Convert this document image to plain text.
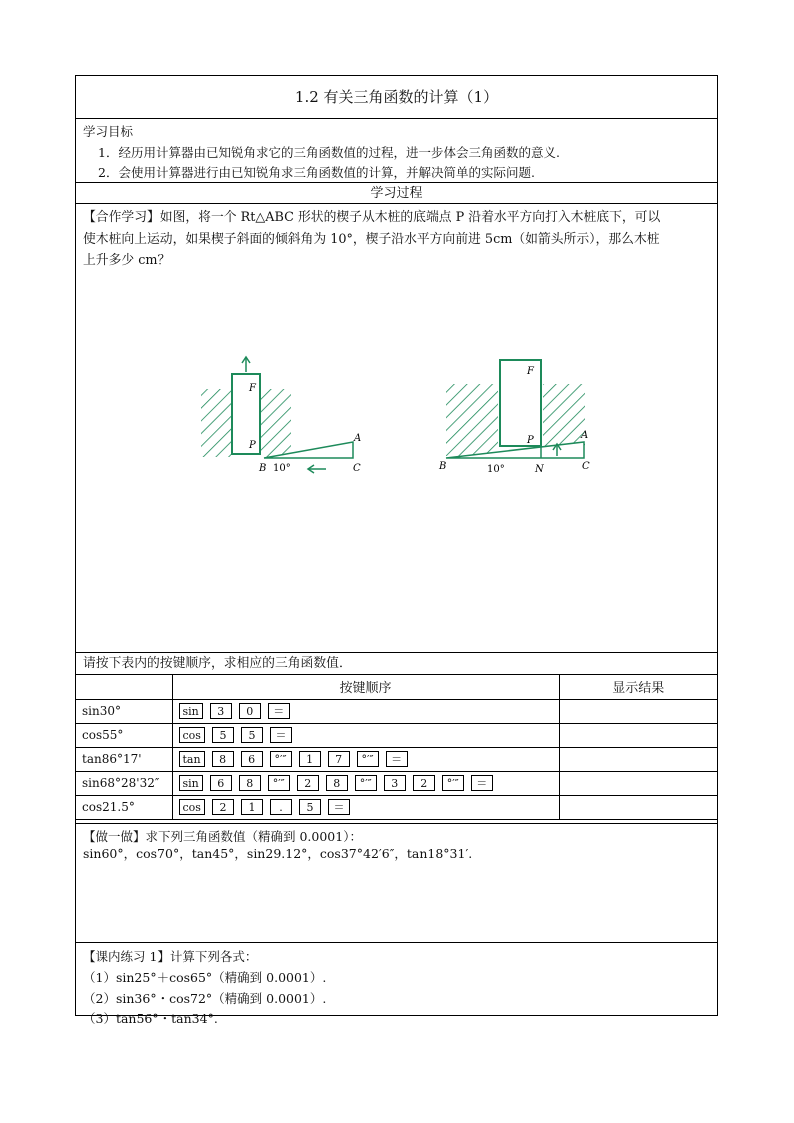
1.2 有关三角函数的计算（1）
学习目标
1．经历用计算器由已知锐角求它的三角函数值的过程，进一步体会三角函数的意义.
2．会使用计算器进行由已知锐角求三角函数值的计算，并解决简单的实际问题.
学习过程
【合作学习】如图，将一个 Rt△ABC 形状的楔子从木桩的底端点 P 沿着水平方向打入木桩底下，可以
使木桩向上运动，如果楔子斜面的倾斜角为 10°，楔子沿水平方向前进 5cm（如箭头所示），那么木桩
上升多少 cm？
F
P
A
B	C
10°
F
P	A
B	C
N
10°
请按下表内的按键顺序，求相应的三角函数值．
	按键顺序	显示结果
sin30°	sin 3 0 ＝	
cos55°	cos 5 5 ＝	
tan86°17'	tan 8 6 °′″ 1 7 °′″ ＝	
sin68°28'32″	sin 6 8 °′″ 2 8 °′″ 3 2 °′″ ＝	
cos21.5°	cos 2 1 . 5 ＝	
【做一做】求下列三角函数值（精确到 0.0001）：
sin60°，cos70°，tan45°，sin29.12°，cos37°42′6″，tan18°31′.
【课内练习 1】计算下列各式：
（1）sin25°＋cos65°（精确到 0.0001）.
（2）sin36°・cos72°（精确到 0.0001）.
（3）tan56°・tan34°.
